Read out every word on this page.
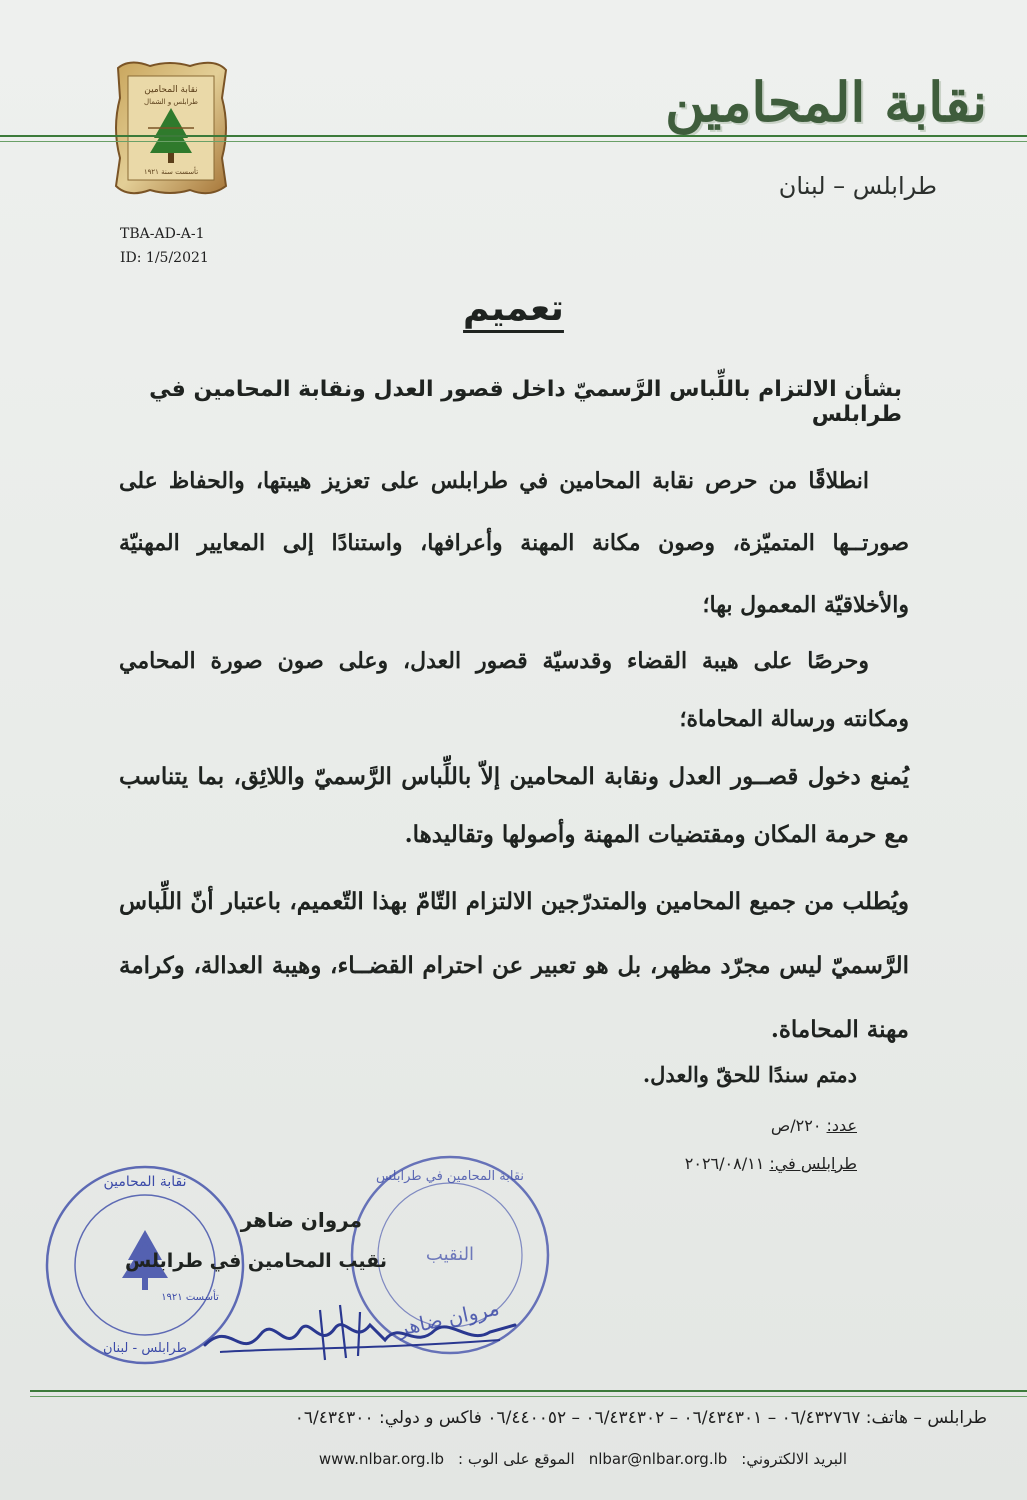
نقابة المحامين
طرابلس و الشمال
تأسست سنة ١٩٢١
نقابة المحامين
طرابلس – لبنان
TBA-AD-A-1
ID: 1/5/2021
تعميم
بشأن الالتزام باللِّباس الرَّسميّ داخل قصور العدل ونقابة المحامين في طرابلس
انطلاقًا من حرص نقابة المحامين في طرابلس على تعزيز هيبتها، والحفاظ على صورتــها المتميّزة، وصون مكانة المهنة وأعرافها، واستنادًا إلى المعايير المهنيّة والأخلاقيّة المعمول بها؛
وحرصًا على هيبة القضاء وقدسيّة قصور العدل، وعلى صون صورة المحامي ومكانته ورسالة المحاماة؛
يُمنع دخول قصــور العدل ونقابة المحامين إلاّ باللِّباس الرَّسميّ واللائِق، بما يتناسب مع حرمة المكان ومقتضيات المهنة وأصولها وتقاليدها.
ويُطلب من جميع المحامين والمتدرّجين الالتزام التّامّ بهذا التّعميم، باعتبار أنّ اللِّباس الرَّسميّ ليس مجرّد مظهر، بل هو تعبير عن احترام القضــاء، وهيبة العدالة، وكرامة مهنة المحاماة.
دمتم سندًا للحقّ والعدل.
عدد: ٢٢٠/ص
طرابلس في: ٢٠٢٦/٠٨/١١
نقابة المحامين
تأسست ١٩٢١
طرابلس - لبنان
نقابة المحامين في طرابلس
النقيب
مروان ضاهر
مروان ضاهر
نقيب المحامين في طرابلس
طرابلس – هاتف: ٠٦/٤٣٢٧٦٧ – ٠٦/٤٣٤٣٠١ – ٠٦/٤٣٤٣٠٢ – ٠٦/٤٤٠٠٥٢ فاكس و دولي: ٠٦/٤٣٤٣٠٠
البريد الالكتروني:nlbar@nlbar.org.lbالموقع على الوب :www.nlbar.org.lb
